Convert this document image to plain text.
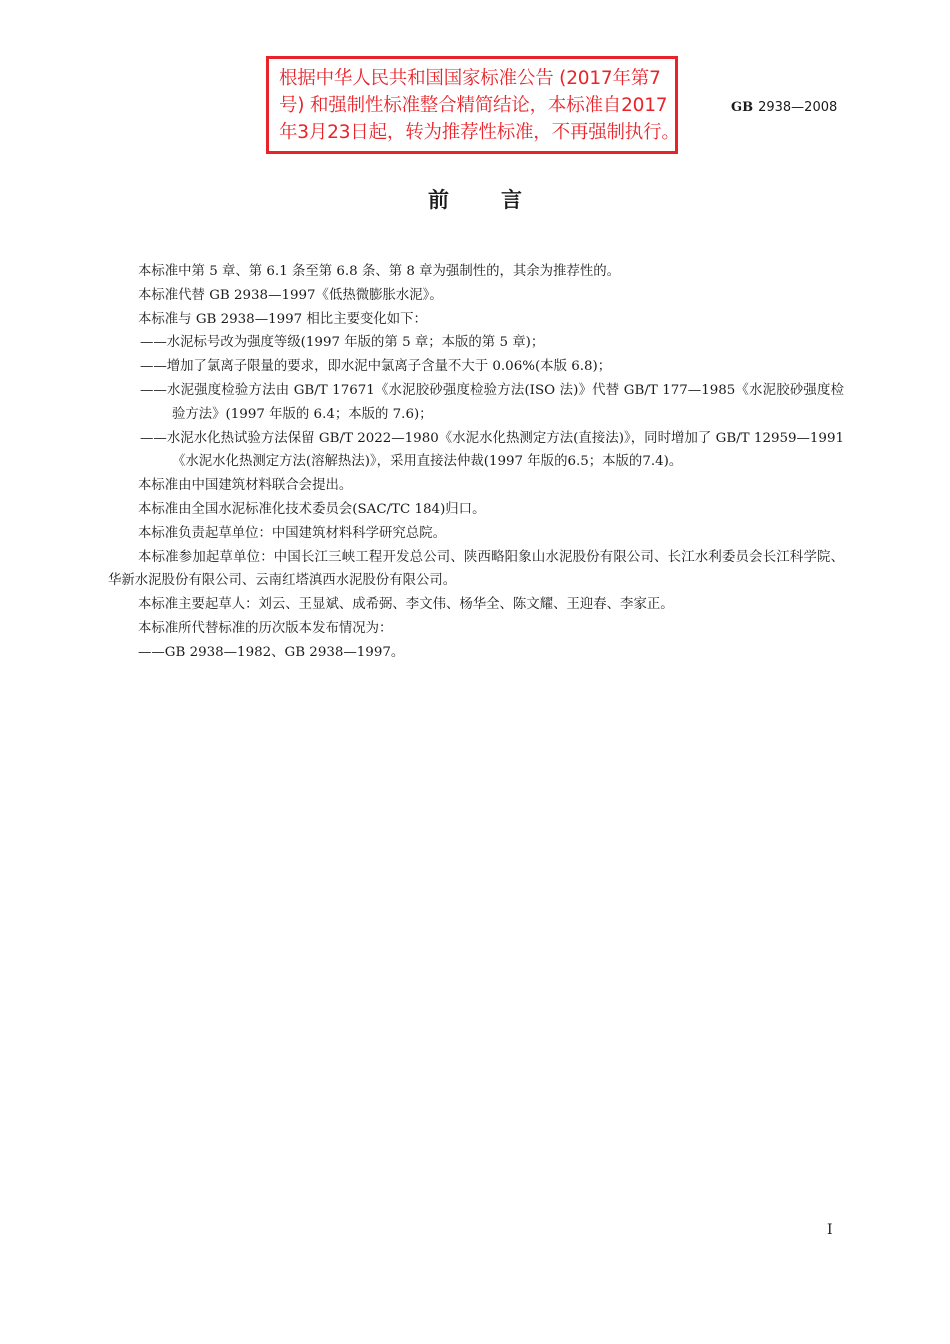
根据中华人民共和国国家标准公告 (2017年第7
号) 和强制性标准整合精简结论，本标准自2017
年3月23日起，转为推荐性标准，不再强制执行。
GB 2938—2008
前言

本标准中第 5 章、第 6.1 条至第 6.8 条、第 8 章为强制性的，其余为推荐性的。

本标准代替 GB 2938—1997《低热微膨胀水泥》。

本标准与 GB 2938—1997 相比主要变化如下：

——水泥标号改为强度等级(1997 年版的第 5 章；本版的第 5 章)；

——增加了氯离子限量的要求，即水泥中氯离子含量不大于 0.06%(本版 6.8)；

——水泥强度检验方法由 GB/T 17671《水泥胶砂强度检验方法(ISO 法)》代替 GB/T 177—1985《水泥胶砂强度检验方法》(1997 年版的 6.4；本版的 7.6)；

——水泥水化热试验方法保留 GB/T 2022—1980《水泥水化热测定方法(直接法)》，同时增加了 GB/T 12959—1991《水泥水化热测定方法(溶解热法)》，采用直接法仲裁(1997 年版的6.5；本版的7.4)。

本标准由中国建筑材料联合会提出。

本标准由全国水泥标准化技术委员会(SAC/TC 184)归口。

本标准负责起草单位：中国建筑材料科学研究总院。

本标准参加起草单位：中国长江三峡工程开发总公司、陕西略阳象山水泥股份有限公司、长江水利委员会长江科学院、华新水泥股份有限公司、云南红塔滇西水泥股份有限公司。

本标准主要起草人：刘云、王显斌、成希弼、李文伟、杨华全、陈文耀、王迎春、李家正。

本标准所代替标准的历次版本发布情况为：

——GB 2938—1982、GB 2938—1997。

I
